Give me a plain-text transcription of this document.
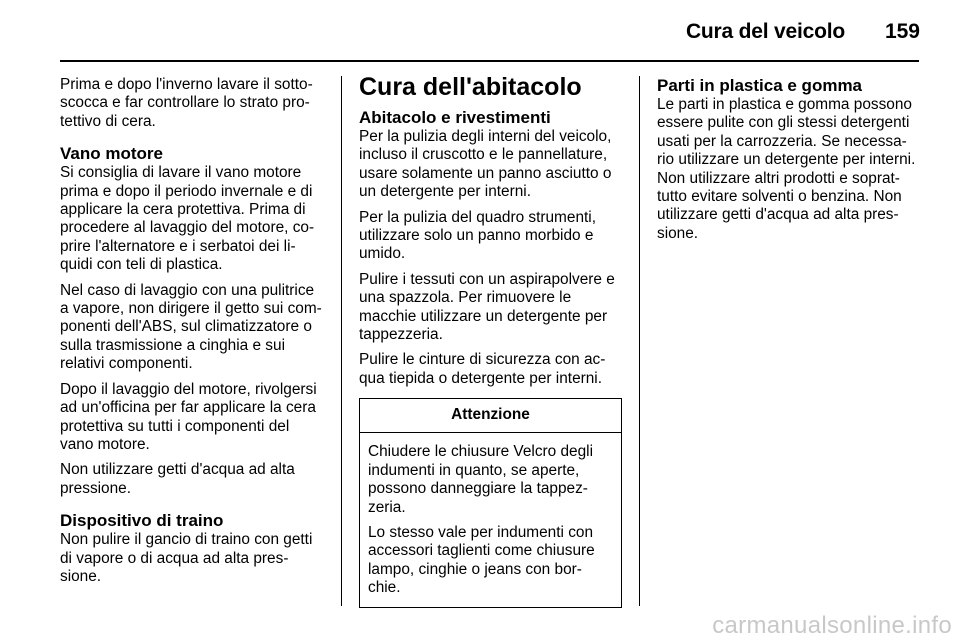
Cura del veicolo 159

Prima e dopo l'inverno lavare il sotto-scocca e far controllare lo strato pro-tettivo di cera.

Vano motore

Si consiglia di lavare il vano motore prima e dopo il periodo invernale e di applicare la cera protettiva. Prima di procedere al lavaggio del motore, co-prire l'alternatore e i serbatoi dei li-quidi con teli di plastica.

Nel caso di lavaggio con una pulitrice a vapore, non dirigere il getto sui com-ponenti dell'ABS, sul climatizzatore o sulla trasmissione a cinghia e sui relativi componenti.

Dopo il lavaggio del motore, rivolgersi ad un'officina per far applicare la cera protettiva su tutti i componenti del vano motore.

Non utilizzare getti d'acqua ad alta pressione.

Dispositivo di traino

Non pulire il gancio di traino con getti di vapore o di acqua ad alta pres-sione.

Cura dell'abitacolo
Abitacolo e rivestimenti

Per la pulizia degli interni del veicolo, incluso il cruscotto e le pannellature, usare solamente un panno asciutto o un detergente per interni.

Per la pulizia del quadro strumenti, utilizzare solo un panno morbido e umido.

Pulire i tessuti con un aspirapolvere e una spazzola. Per rimuovere le macchie utilizzare un detergente per tappezzeria.

Pulire le cinture di sicurezza con ac-qua tiepida o detergente per interni.

Attenzione

Chiudere le chiusure Velcro degli indumenti in quanto, se aperte, possono danneggiare la tappez-zeria.

Lo stesso vale per indumenti con accessori taglienti come chiusure lampo, cinghie o jeans con bor-chie.

Parti in plastica e gomma

Le parti in plastica e gomma possono essere pulite con gli stessi detergenti usati per la carrozzeria. Se necessa-rio utilizzare un detergente per interni. Non utilizzare altri prodotti e soprat-tutto evitare solventi o benzina. Non utilizzare getti d'acqua ad alta pres-sione.

carmanualsonline.info
